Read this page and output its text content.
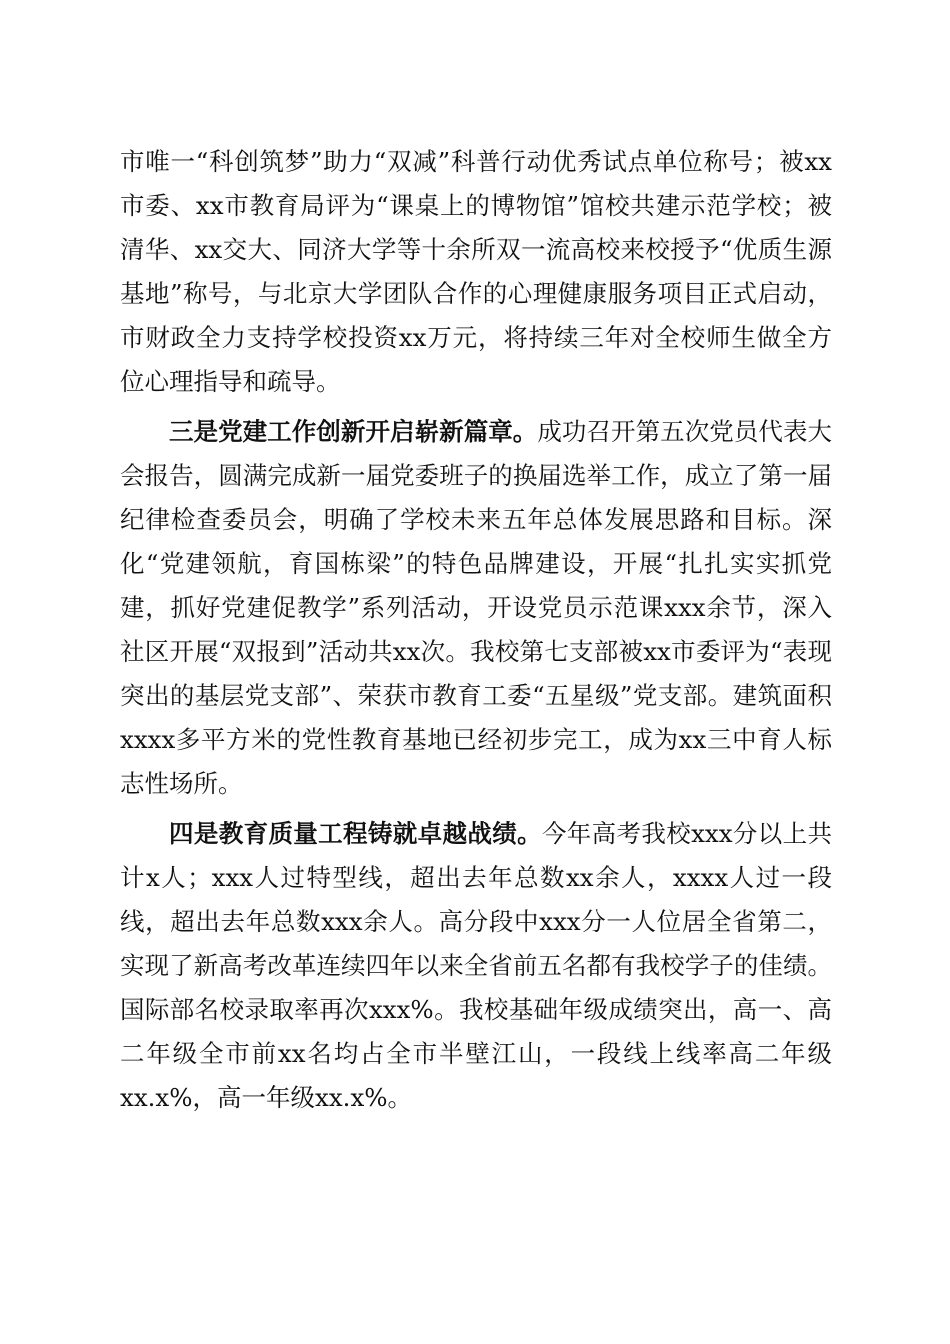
市唯一“科创筑梦”助力“双减”科普行动优秀试点单位称号；被xx市委、xx市教育局评为“课桌上的博物馆”馆校共建示范学校；被清华、xx交大、同济大学等十余所双一流高校来校授予“优质生源基地”称号，与北京大学团队合作的心理健康服务项目正式启动，市财政全力支持学校投资xx万元，将持续三年对全校师生做全方位心理指导和疏导。

三是党建工作创新开启崭新篇章。成功召开第五次党员代表大会报告，圆满完成新一届党委班子的换届选举工作，成立了第一届纪律检查委员会，明确了学校未来五年总体发展思路和目标。深化“党建领航，育国栋梁”的特色品牌建设，开展“扎扎实实抓党建，抓好党建促教学”系列活动，开设党员示范课xxx余节，深入社区开展“双报到”活动共xx次。我校第七支部被xx市委评为“表现突出的基层党支部”、荣获市教育工委“五星级”党支部。建筑面积xxxx多平方米的党性教育基地已经初步完工，成为xx三中育人标志性场所。

四是教育质量工程铸就卓越战绩。今年高考我校xxx分以上共计x人；xxx人过特型线，超出去年总数xx余人，xxxx人过一段线，超出去年总数xxx余人。高分段中xxx分一人位居全省第二，实现了新高考改革连续四年以来全省前五名都有我校学子的佳绩。国际部名校录取率再次xxx%。我校基础年级成绩突出，高一、高二年级全市前xx名均占全市半壁江山，一段线上线率高二年级xx.x%，高一年级xx.x%。
